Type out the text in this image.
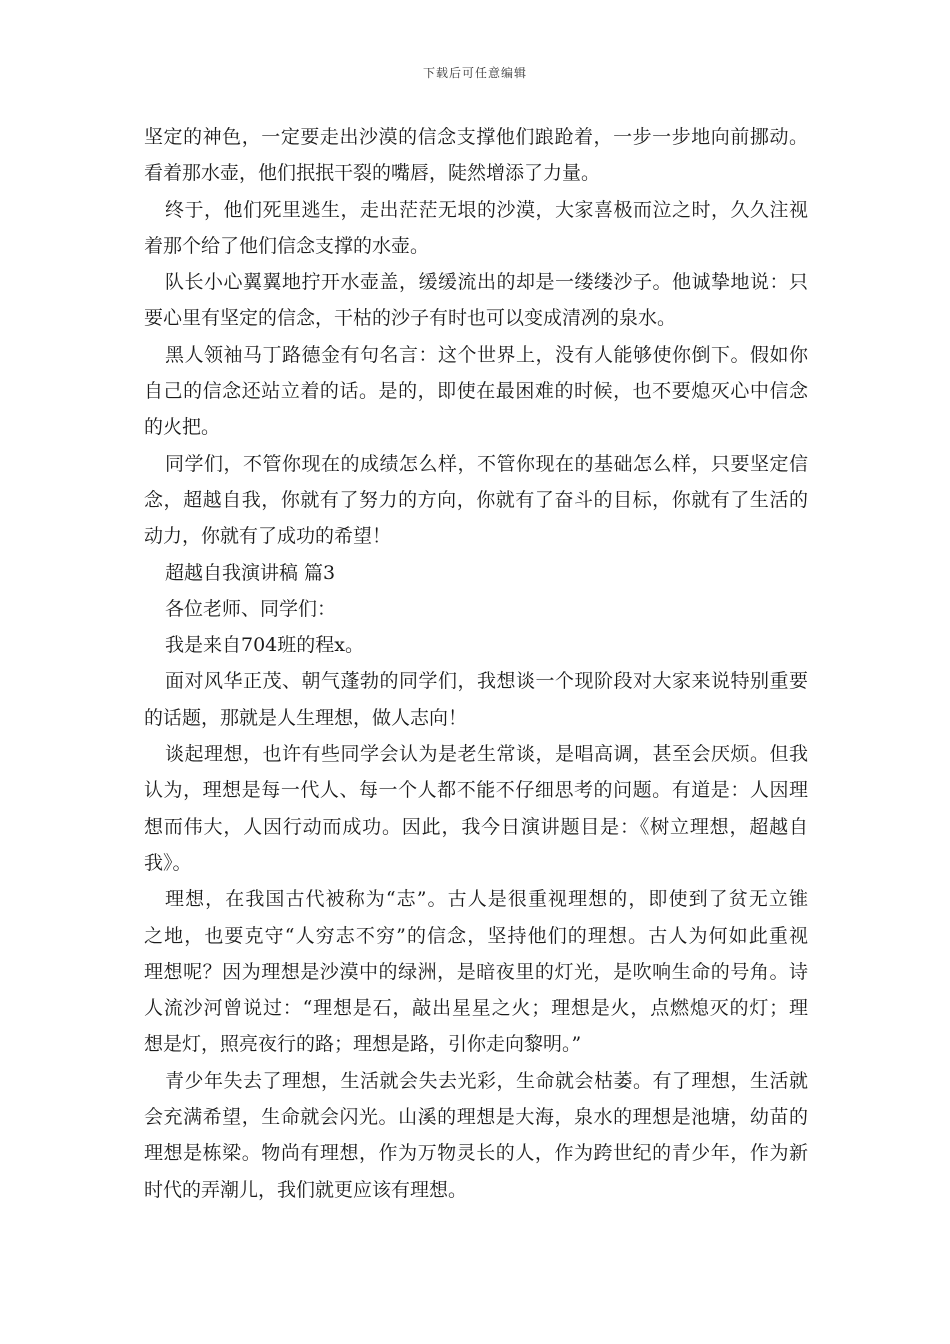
下载后可任意编辑
坚定的神色，一定要走出沙漠的信念支撑他们踉跄着，一步一步地向前挪动。
看着那水壶，他们抿抿干裂的嘴唇，陡然增添了力量。
终于，他们死里逃生，走出茫茫无垠的沙漠，大家喜极而泣之时，久久注视
着那个给了他们信念支撑的水壶。
队长小心翼翼地拧开水壶盖，缓缓流出的却是一缕缕沙子。他诚挚地说：只
要心里有坚定的信念，干枯的沙子有时也可以变成清冽的泉水。
黑人领袖马丁路德金有句名言：这个世界上，没有人能够使你倒下。假如你
自己的信念还站立着的话。是的，即使在最困难的时候，也不要熄灭心中信念
的火把。
同学们，不管你现在的成绩怎么样，不管你现在的基础怎么样，只要坚定信
念，超越自我，你就有了努力的方向，你就有了奋斗的目标，你就有了生活的
动力，你就有了成功的希望！
超越自我演讲稿 篇3
各位老师、同学们：
我是来自704班的程x。
面对风华正茂、朝气蓬勃的同学们，我想谈一个现阶段对大家来说特别重要
的话题，那就是人生理想，做人志向！
谈起理想，也许有些同学会认为是老生常谈，是唱高调，甚至会厌烦。但我
认为，理想是每一代人、每一个人都不能不仔细思考的问题。有道是：人因理
想而伟大，人因行动而成功。因此，我今日演讲题目是：《树立理想，超越自
我》。
理想，在我国古代被称为“志”。古人是很重视理想的，即使到了贫无立锥
之地，也要克守“人穷志不穷”的信念，坚持他们的理想。古人为何如此重视
理想呢？因为理想是沙漠中的绿洲，是暗夜里的灯光，是吹响生命的号角。诗
人流沙河曾说过：“理想是石，敲出星星之火；理想是火，点燃熄灭的灯；理
想是灯，照亮夜行的路；理想是路，引你走向黎明。”
青少年失去了理想，生活就会失去光彩，生命就会枯萎。有了理想，生活就
会充满希望，生命就会闪光。山溪的理想是大海，泉水的理想是池塘，幼苗的
理想是栋梁。物尚有理想，作为万物灵长的人，作为跨世纪的青少年，作为新
时代的弄潮儿，我们就更应该有理想。
